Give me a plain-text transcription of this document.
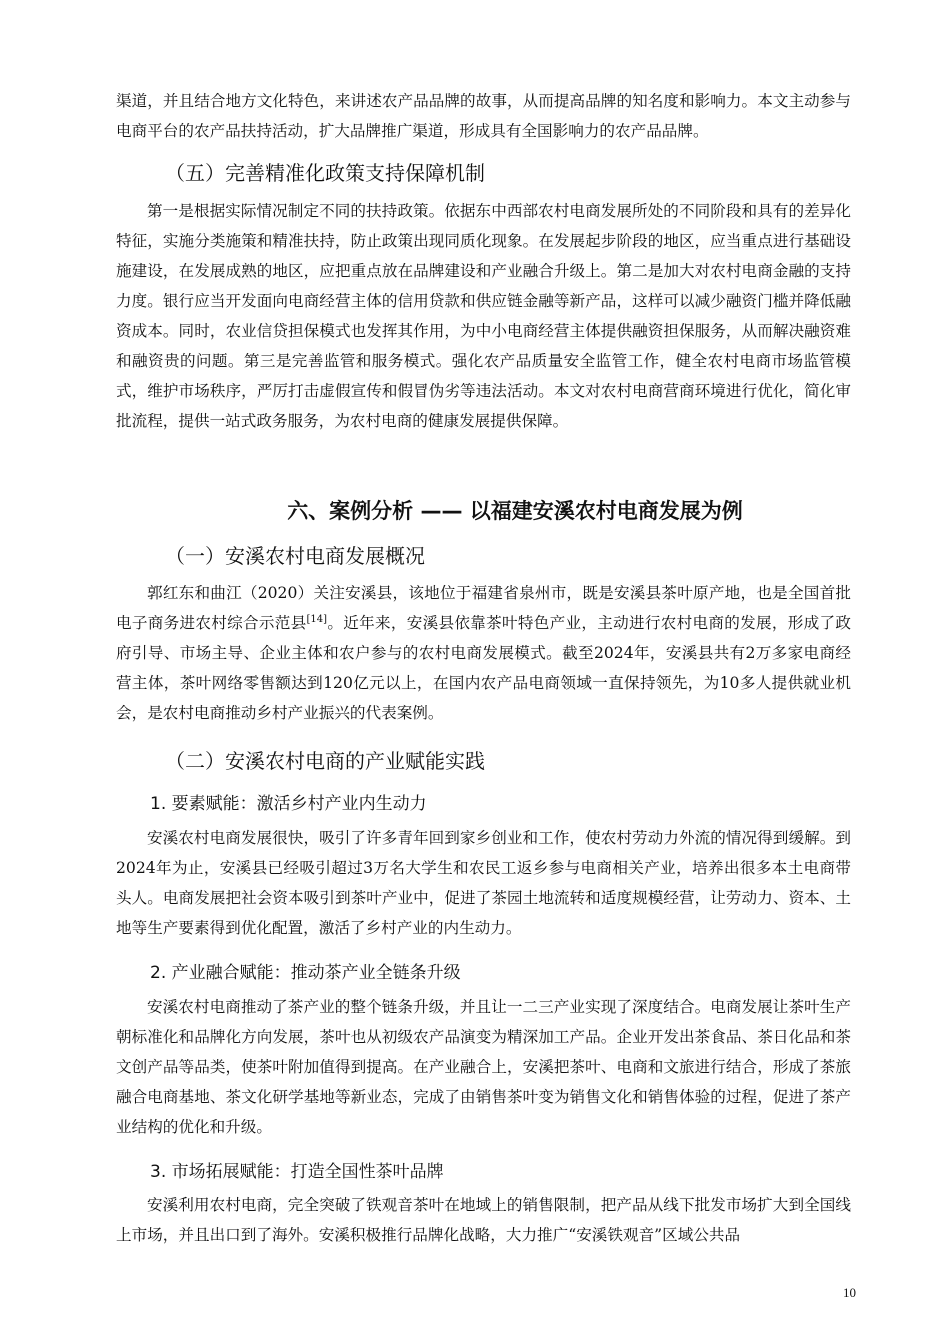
渠道，并且结合地方文化特色，来讲述农产品品牌的故事，从而提高品牌的知名度和影响力。本文主动参与电商平台的农产品扶持活动，扩大品牌推广渠道，形成具有全国影响力的农产品品牌。

（五）完善精准化政策支持保障机制

第一是根据实际情况制定不同的扶持政策。依据东中西部农村电商发展所处的不同阶段和具有的差异化特征，实施分类施策和精准扶持，防止政策出现同质化现象。在发展起步阶段的地区，应当重点进行基础设施建设，在发展成熟的地区，应把重点放在品牌建设和产业融合升级上。第二是加大对农村电商金融的支持力度。银行应当开发面向电商经营主体的信用贷款和供应链金融等新产品，这样可以减少融资门槛并降低融资成本。同时，农业信贷担保模式也发挥其作用，为中小电商经营主体提供融资担保服务，从而解决融资难和融资贵的问题。第三是完善监管和服务模式。强化农产品质量安全监管工作，健全农村电商市场监管模式，维护市场秩序，严厉打击虚假宣传和假冒伪劣等违法活动。本文对农村电商营商环境进行优化，简化审批流程，提供一站式政务服务，为农村电商的健康发展提供保障。

六、案例分析 —— 以福建安溪农村电商发展为例
（一）安溪农村电商发展概况

郭红东和曲江（2020）关注安溪县，该地位于福建省泉州市，既是安溪县茶叶原产地，也是全国首批电子商务进农村综合示范县[14]。近年来，安溪县依靠茶叶特色产业，主动进行农村电商的发展，形成了政府引导、市场主导、企业主体和农户参与的农村电商发展模式。截至2024年，安溪县共有2万多家电商经营主体，茶叶网络零售额达到120亿元以上，在国内农产品电商领域一直保持领先，为10多人提供就业机会，是农村电商推动乡村产业振兴的代表案例。

（二）安溪农村电商的产业赋能实践
1. 要素赋能：激活乡村产业内生动力

安溪农村电商发展很快，吸引了许多青年回到家乡创业和工作，使农村劳动力外流的情况得到缓解。到2024年为止，安溪县已经吸引超过3万名大学生和农民工返乡参与电商相关产业，培养出很多本土电商带头人。电商发展把社会资本吸引到茶叶产业中，促进了茶园土地流转和适度规模经营，让劳动力、资本、土地等生产要素得到优化配置，激活了乡村产业的内生动力。

2. 产业融合赋能：推动茶产业全链条升级

安溪农村电商推动了茶产业的整个链条升级，并且让一二三产业实现了深度结合。电商发展让茶叶生产朝标准化和品牌化方向发展，茶叶也从初级农产品演变为精深加工产品。企业开发出茶食品、茶日化品和茶文创产品等品类，使茶叶附加值得到提高。在产业融合上，安溪把茶叶、电商和文旅进行结合，形成了茶旅融合电商基地、茶文化研学基地等新业态，完成了由销售茶叶变为销售文化和销售体验的过程，促进了茶产业结构的优化和升级。

3. 市场拓展赋能：打造全国性茶叶品牌

安溪利用农村电商，完全突破了铁观音茶叶在地域上的销售限制，把产品从线下批发市场扩大到全国线上市场，并且出口到了海外。安溪积极推行品牌化战略，大力推广“安溪铁观音”区域公共品

10
